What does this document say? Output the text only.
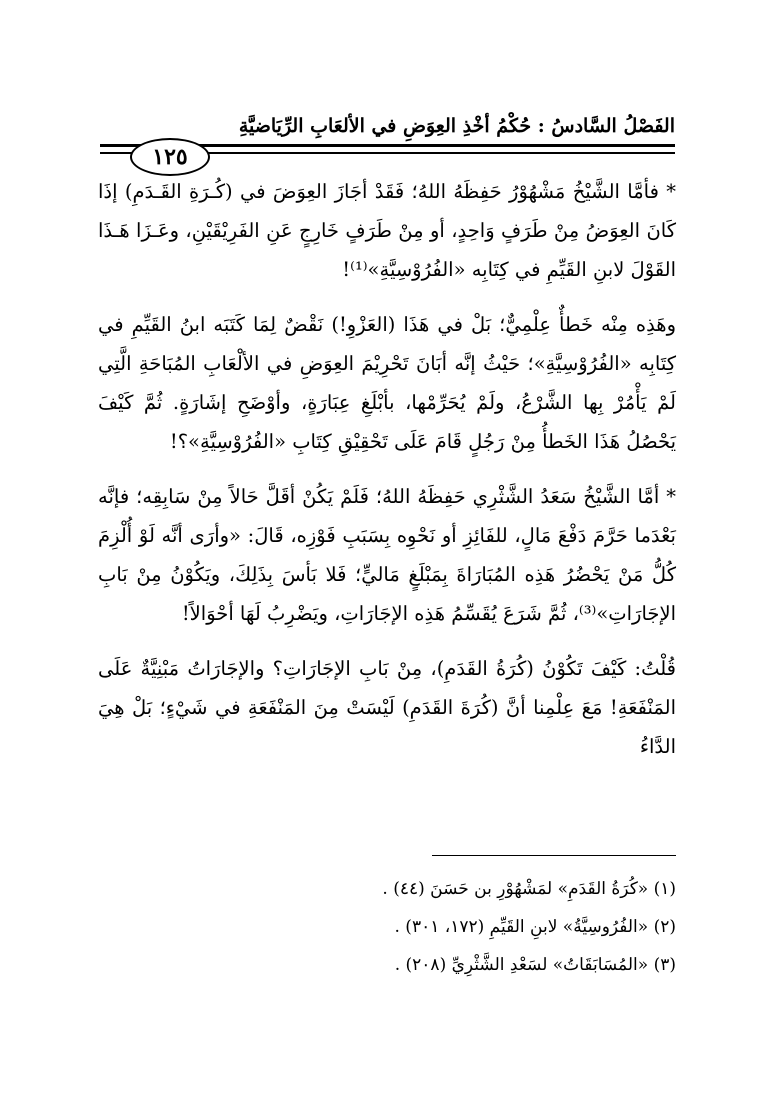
الفَصْلُ السَّادسُ : حُكْمُ أخْذِ العِوَضِ في الألعَابِ الرِّيَاضيَّةِ
١٢٥

* فأمَّا الشَّيْخُ مَشْهُوْرُ حَفِظَهُ اللهُ؛ فَقَدْ أجَازَ العِوَضَ في (كُـرَةِ القَـدَمِ) إذَا كَانَ العِوَضُ مِنْ طَرَفٍ وَاحِدٍ، أو مِنْ طَرَفٍ خَارِجٍ عَنِ الفَرِيْقَيْنِ، وعَـزَا هَـذَا القَوْلَ لابنِ القَيِّمِ في كِتَابِه «الفُرُوْسِيَّةِ»⁽¹⁾!

وهَذِه مِنْه خَطأٌ عِلْمِيٌّ؛ بَلْ في هَذَا (العَزْوِ!) نَقْضٌ لِمَا كَتَبَه ابنُ القَيِّمِ في كِتَابِه «الفُرُوْسِيَّةِ»؛ حَيْثُ إنَّه أبَانَ تَحْرِيْمَ العِوَضِ في الألْعَابِ المُبَاحَةِ الَّتِي لَمْ يَأْمُرْ بِها الشَّرْعُ، ولَمْ يُحَرِّمْها، بأبْلَغِ عِبَارَةٍ، وأوْضَحِ إشَارَةٍ. ثُمَّ كَيْفَ يَحْصُلُ هَذَا الخَطأُ مِنْ رَجُلٍ قَامَ عَلَى تَحْقِيْقِ كِتَابِ «الفُرُوْسِيَّةِ»؟!

* أمَّا الشَّيْخُ سَعَدُ الشَّثْرِي حَفِظَهُ اللهُ؛ فَلَمْ يَكُنْ أقَلَّ حَالاً مِنْ سَابِقِه؛ فإنَّه بَعْدَما حَرَّمَ دَفْعَ مَالٍ، للفَائِزِ أو نَحْوِه بِسَبَبِ فَوْزِه، قَالَ: «وأرَى أنَّه لَوْ أُلْزِمَ كُلُّ مَنْ يَحْضُرُ هَذِه المُبَارَاةَ بِمَبْلَغٍ مَاليٍّ؛ فَلا بَأسَ بِذَلِكَ، ويَكُوْنُ مِنْ بَابِ الإجَارَاتِ»⁽³⁾، ثُمَّ شَرَعَ يُقَسِّمُ هَذِه الإجَارَاتِ، ويَضْرِبُ لَهَا أحْوَالاً!

قُلْتُ: كَيْفَ تَكُوْنُ (كُرَةُ القَدَمِ)، مِنْ بَابِ الإجَارَاتِ؟ والإجَارَاتُ مَبْنِيَّةٌ عَلَى المَنْفَعَةِ! مَعَ عِلْمِنا أنَّ (كُرَةَ القَدَمِ) لَيْسَتْ مِنَ المَنْفَعَةِ في شَيْءٍ؛ بَلْ هِيَ الدَّاءُ

(١) «كُرَةُ القَدَمِ» لمَشْهُوْرِ بن حَسَنَ (٤٤) .
(٢) «الفُرُوسِيَّةُ» لابنِ القَيِّمِ (١٧٢، ٣٠١) .
(٣) «المُسَابَقَاتُ» لسَعْدِ الشَّثْرِيِّ (٢٠٨) .
